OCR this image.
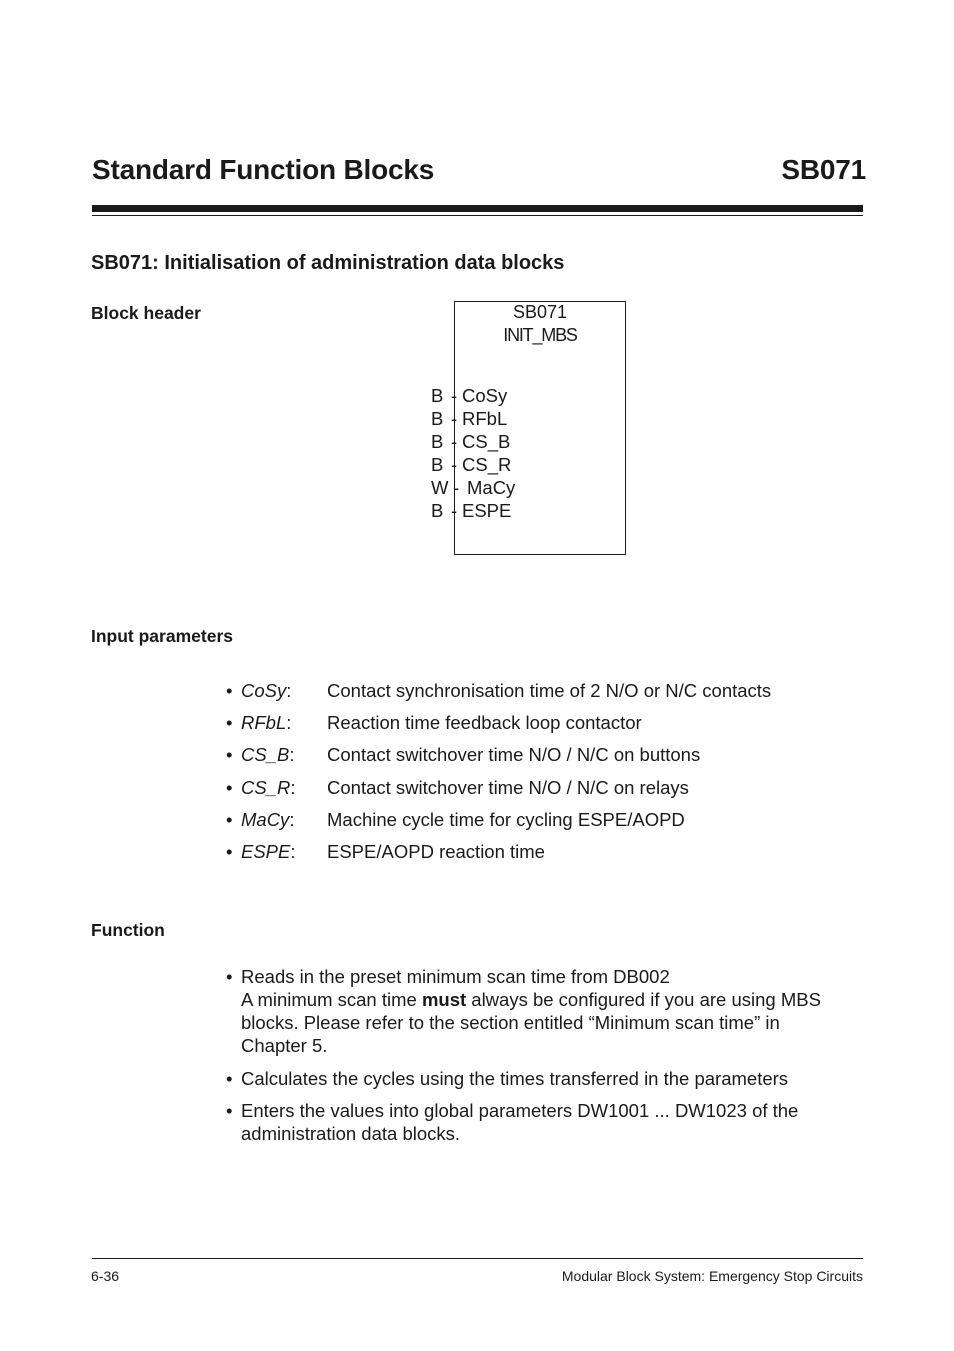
Standard Function Blocks	SB071
SB071: Initialisation of administration data blocks
Block header	SB071
INIT_MBS
B - CoSy
B - RFbL
B - CS_B
B - CS_R
W - MaCy
B - ESPE
Input parameters
• CoSy: Contact synchronisation time of 2 N/O or N/C contacts
• RFbL: Reaction time feedback loop contactor
• CS_B: Contact switchover time N/O / N/C on buttons
• CS_R: Contact switchover time N/O / N/C on relays
• MaCy: Machine cycle time for cycling ESPE/AOPD
• ESPE: ESPE/AOPD reaction time
Function
• Reads in the preset minimum scan time from DB002
A minimum scan time must always be configured if you are using MBS
blocks. Please refer to the section entitled “Minimum scan time” in
Chapter 5.
• Calculates the cycles using the times transferred in the parameters
• Enters the values into global parameters DW1001 ... DW1023 of the
administration data blocks.
6-36	Modular Block System: Emergency Stop Circuits
